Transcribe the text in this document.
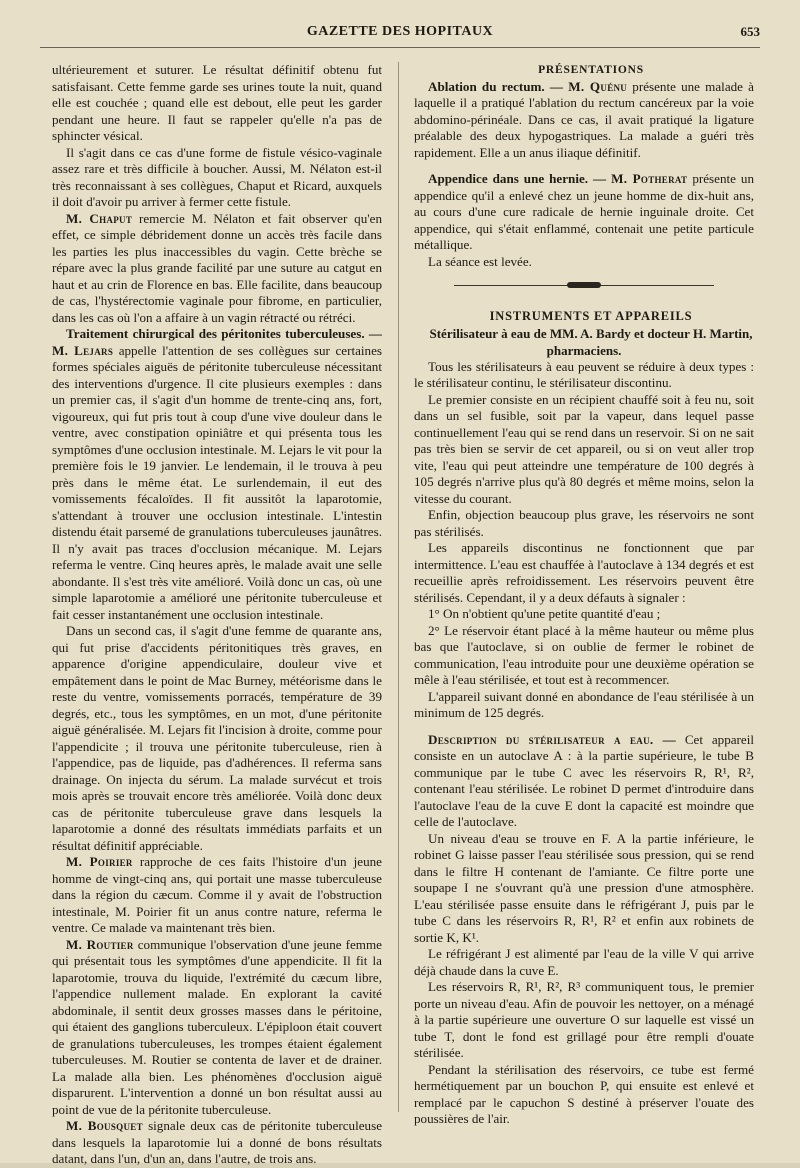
GAZETTE DES HOPITAUX	653

ultérieurement et suturer. Le résultat définitif obtenu fut satisfaisant. Cette femme garde ses urines toute la nuit, quand elle est couchée ; quand elle est debout, elle peut les garder pendant une heure. Il faut se rappeler qu'elle n'a pas de sphincter vésical.

Il s'agit dans ce cas d'une forme de fistule vésico-vaginale assez rare et très difficile à boucher. Aussi, M. Nélaton est-il très reconnaissant à ses collègues, Chaput et Ricard, auxquels il doit d'avoir pu arriver à fermer cette fistule.

M. Chaput remercie M. Nélaton et fait observer qu'en effet, ce simple débridement donne un accès très facile dans les parties les plus inaccessibles du vagin. Cette brèche se répare avec la plus grande facilité par une suture au catgut en haut et au crin de Florence en bas. Elle facilite, dans beaucoup de cas, l'hystérectomie vaginale pour fibrome, en particulier, dans les cas où l'on a affaire à un vagin rétracté ou rétréci.

Traitement chirurgical des péritonites tuberculeuses. — M. Lejars appelle l'attention de ses collègues sur certaines formes spéciales aiguës de péritonite tuberculeuse nécessitant des interventions d'urgence. Il cite plusieurs exemples : dans un premier cas, il s'agit d'un homme de trente-cinq ans, fort, vigoureux, qui fut pris tout à coup d'une vive douleur dans le ventre, avec constipation opiniâtre et qui présenta tous les symptômes d'une occlusion intestinale. M. Lejars le vit pour la première fois le 19 janvier. Le lendemain, il le trouva à peu près dans le même état. Le surlendemain, il eut des vomissements fécaloïdes. Il fit aussitôt la laparotomie, s'attendant à trouver une occlusion intestinale. L'intestin distendu était parsemé de granulations tuberculeuses jaunâtres. Il n'y avait pas traces d'occlusion mécanique. M. Lejars referma le ventre. Cinq heures après, le malade avait une selle abondante. Il s'est très vite amélioré. Voilà donc un cas, où une simple laparotomie a amélioré une péritonite tuberculeuse et fait cesser instantanément une occlusion intestinale.

Dans un second cas, il s'agit d'une femme de quarante ans, qui fut prise d'accidents péritonitiques très graves, en apparence d'origine appendiculaire, douleur vive et empâtement dans le point de Mac Burney, météorisme dans le reste du ventre, vomissements porracés, température de 39 degrés, etc., tous les symptômes, en un mot, d'une péritonite aiguë généralisée. M. Lejars fit l'incision à droite, comme pour l'appendicite ; il trouva une péritonite tuberculeuse, rien à l'appendice, pas de liquide, pas d'adhérences. Il referma sans drainage. On injecta du sérum. La malade survécut et trois mois après se trouvait encore très améliorée. Voilà donc deux cas de péritonite tuberculeuse grave dans lesquels la laparotomie a donné des résultats immédiats parfaits et un résultat définitif appréciable.

M. Poirier rapproche de ces faits l'histoire d'un jeune homme de vingt-cinq ans, qui portait une masse tuberculeuse dans la région du cæcum. Comme il y avait de l'obstruction intestinale, M. Poirier fit un anus contre nature, referma le ventre. Ce malade va maintenant très bien.

M. Routier communique l'observation d'une jeune femme qui présentait tous les symptômes d'une appendicite. Il fit la laparotomie, trouva du liquide, l'extrémité du cæcum libre, l'appendice nullement malade. En explorant la cavité abdominale, il sentit deux grosses masses dans le péritoine, qui étaient des ganglions tuberculeux. L'épiploon était couvert de granulations tuberculeuses, les trompes étaient également tuberculeuses. M. Routier se contenta de laver et de drainer. La malade alla bien. Les phénomènes d'occlusion aiguë disparurent. L'intervention a donné un bon résultat aussi au point de vue de la péritonite tuberculeuse.

M. Bousquet signale deux cas de péritonite tuberculeuse dans lesquels la laparotomie lui a donné de bons résultats datant, dans l'un, d'un an, dans l'autre, de trois ans.

PRÉSENTATIONS

Ablation du rectum. — M. Quénu présente une malade à laquelle il a pratiqué l'ablation du rectum cancéreux par la voie abdomino-périnéale. Dans ce cas, il avait pratiqué la ligature préalable des deux hypogastriques. La malade a guéri très rapidement. Elle a un anus iliaque définitif.

Appendice dans une hernie. — M. Potherat présente un appendice qu'il a enlevé chez un jeune homme de dix-huit ans, au cours d'une cure radicale de hernie inguinale droite. Cet appendice, qui s'était enflammé, contenait une petite particule métallique.

La séance est levée.

INSTRUMENTS ET APPAREILS

Stérilisateur à eau de MM. A. Bardy et docteur H. Martin, pharmaciens.

Tous les stérilisateurs à eau peuvent se réduire à deux types : le stérilisateur continu, le stérilisateur discontinu.

Le premier consiste en un récipient chauffé soit à feu nu, soit dans un sel fusible, soit par la vapeur, dans lequel passe continuellement l'eau qui se rend dans un reservoir. Si on ne sait pas très bien se servir de cet appareil, ou si on veut aller trop vite, l'eau qui peut atteindre une température de 100 degrés à 105 degrés n'arrive plus qu'à 80 degrés et même moins, selon la vitesse du courant.

Enfin, objection beaucoup plus grave, les réservoirs ne sont pas stérilisés.

Les appareils discontinus ne fonctionnent que par intermittence. L'eau est chauffée à l'autoclave à 134 degrés et est recueillie après refroidissement. Les réservoirs peuvent être stérilisés. Cependant, il y a deux défauts à signaler :

1° On n'obtient qu'une petite quantité d'eau ;

2° Le réservoir étant placé à la même hauteur ou même plus bas que l'autoclave, si on oublie de fermer le robinet de communication, l'eau introduite pour une deuxième opération se mêle à l'eau stérilisée, et tout est à recommencer.

L'appareil suivant donné en abondance de l'eau stérilisée à un minimum de 125 degrés.

Description du stérilisateur a eau. — Cet appareil consiste en un autoclave A : à la partie supérieure, le tube B communique par le tube C avec les réservoirs R, R¹, R², contenant l'eau stérilisée. Le robinet D permet d'introduire dans l'autoclave l'eau de la cuve E dont la capacité est moindre que celle de l'autoclave.

Un niveau d'eau se trouve en F. A la partie inférieure, le robinet G laisse passer l'eau stérilisée sous pression, qui se rend dans le filtre H contenant de l'amiante. Ce filtre porte une soupape I ne s'ouvrant qu'à une pression d'une atmosphère. L'eau stérilisée passe ensuite dans le réfrigérant J, puis par le tube C dans les réservoirs R, R¹, R² et enfin aux robinets de sortie K, K¹.

Le réfrigérant J est alimenté par l'eau de la ville V qui arrive déjà chaude dans la cuve E.

Les réservoirs R, R¹, R², R³ communiquent tous, le premier porte un niveau d'eau. Afin de pouvoir les nettoyer, on a ménagé à la partie supérieure une ouverture O sur laquelle est vissé un tube T, dont le fond est grillagé pour être rempli d'ouate stérilisée.

Pendant la stérilisation des réservoirs, ce tube est fermé hermétiquement par un bouchon P, qui ensuite est enlevé et remplacé par le capuchon S destiné à préserver l'ouate des poussières de l'air.
